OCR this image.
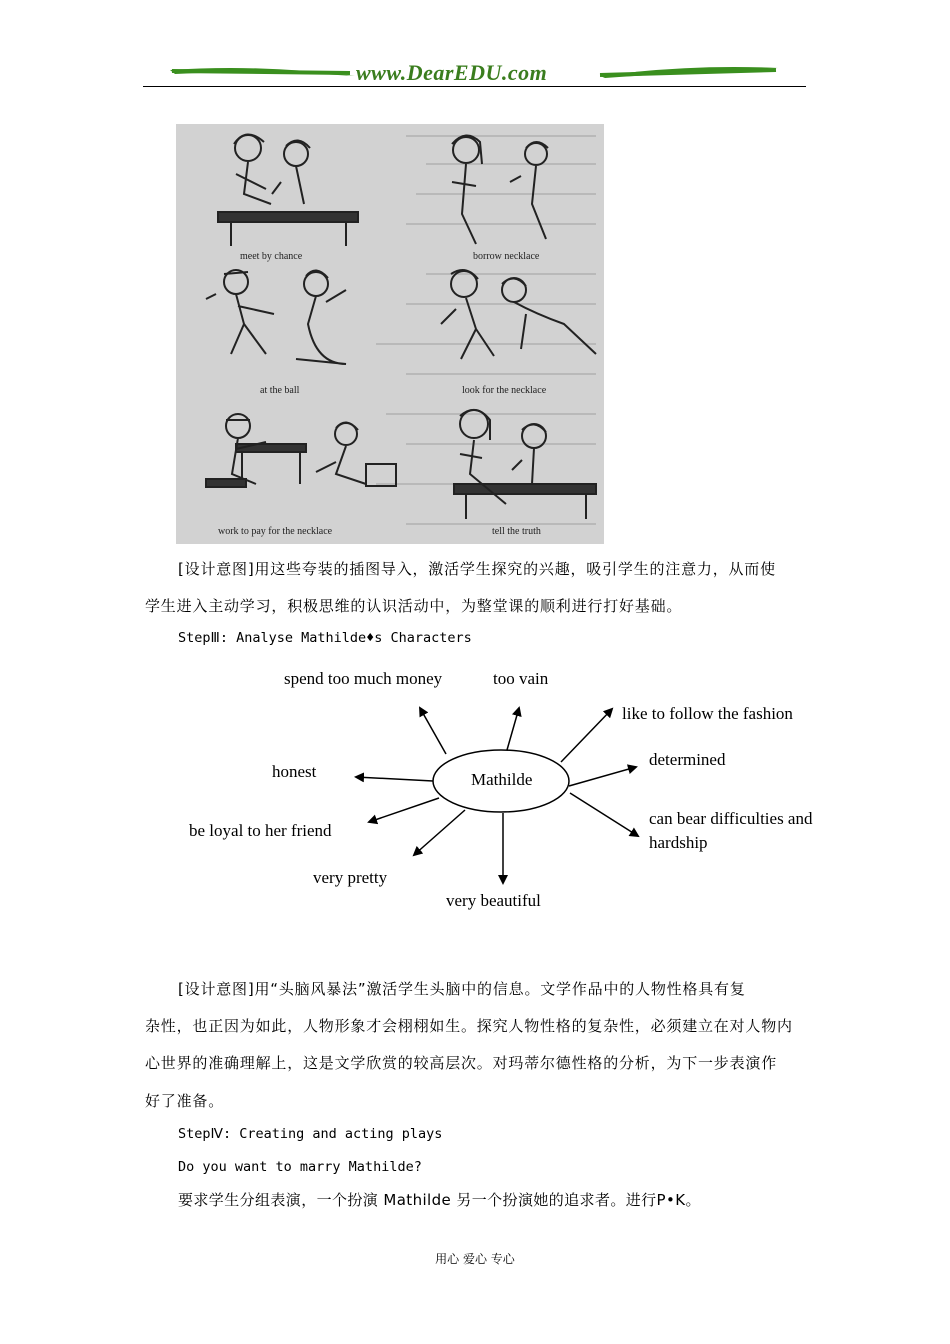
www.DearEDU.com
meet by chance	borrow necklace
at the ball	look for the necklace
work to pay for the necklace	tell the truth
[设计意图]用这些夸装的插图导入，激活学生探究的兴趣，吸引学生的注意力，从而使
学生进入主动学习，积极思维的认识活动中，为整堂课的顺利进行打好基础。
StepⅢ: Analyse Mathilde♦s Characters
spend too much money	too vain
like to follow the fashion
determined
honest
can bear difficulties and
hardship
be loyal to her friend
very pretty
very beautiful
Mathilde
[设计意图]用“头脑风暴法”激活学生头脑中的信息。文学作品中的人物性格具有复
杂性，也正因为如此，人物形象才会栩栩如生。探究人物性格的复杂性，必须建立在对人物内
心世界的准确理解上，这是文学欣赏的较高层次。对玛蒂尔德性格的分析，为下一步表演作
好了准备。
StepⅣ: Creating and acting plays
Do you want to marry Mathilde?
要求学生分组表演，一个扮演 Mathilde 另一个扮演她的追求者。进行P•K。
用心 爱心 专心
